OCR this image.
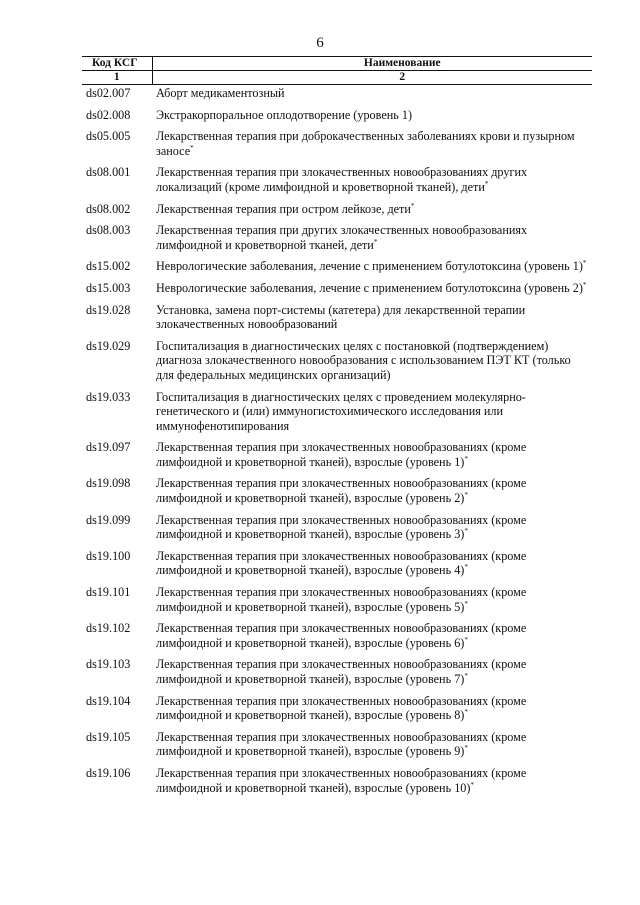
6
Код КСГ	Наименование
1	2
ds02.007	Аборт медикаментозный
ds02.008	Экстракорпоральное оплодотворение (уровень 1)
ds05.005	Лекарственная терапия при доброкачественных заболеваниях крови и пузырном заносе*
ds08.001	Лекарственная терапия при злокачественных новообразованиях других локализаций (кроме лимфоидной и кроветворной тканей), дети*
ds08.002	Лекарственная терапия при остром лейкозе, дети*
ds08.003	Лекарственная терапия при других злокачественных новообразованиях лимфоидной и кроветворной тканей, дети*
ds15.002	Неврологические заболевания, лечение с применением ботулотоксина (уровень 1)*
ds15.003	Неврологические заболевания, лечение с применением ботулотоксина (уровень 2)*
ds19.028	Установка, замена порт-системы (катетера) для лекарственной терапии злокачественных новообразований
ds19.029	Госпитализация в диагностических целях с постановкой (подтверждением) диагноза злокачественного новообразования с использованием ПЭТ КТ (только для федеральных медицинских организаций)
ds19.033	Госпитализация в диагностических целях с проведением молекулярно-генетического и (или) иммуногистохимического исследования или иммунофенотипирования
ds19.097	Лекарственная терапия при злокачественных новообразованиях (кроме лимфоидной и кроветворной тканей), взрослые (уровень 1)*
ds19.098	Лекарственная терапия при злокачественных новообразованиях (кроме лимфоидной и кроветворной тканей), взрослые (уровень 2)*
ds19.099	Лекарственная терапия при злокачественных новообразованиях (кроме лимфоидной и кроветворной тканей), взрослые (уровень 3)*
ds19.100	Лекарственная терапия при злокачественных новообразованиях (кроме лимфоидной и кроветворной тканей), взрослые (уровень 4)*
ds19.101	Лекарственная терапия при злокачественных новообразованиях (кроме лимфоидной и кроветворной тканей), взрослые (уровень 5)*
ds19.102	Лекарственная терапия при злокачественных новообразованиях (кроме лимфоидной и кроветворной тканей), взрослые (уровень 6)*
ds19.103	Лекарственная терапия при злокачественных новообразованиях (кроме лимфоидной и кроветворной тканей), взрослые (уровень 7)*
ds19.104	Лекарственная терапия при злокачественных новообразованиях (кроме лимфоидной и кроветворной тканей), взрослые (уровень 8)*
ds19.105	Лекарственная терапия при злокачественных новообразованиях (кроме лимфоидной и кроветворной тканей), взрослые (уровень 9)*
ds19.106	Лекарственная терапия при злокачественных новообразованиях (кроме лимфоидной и кроветворной тканей), взрослые (уровень 10)*
